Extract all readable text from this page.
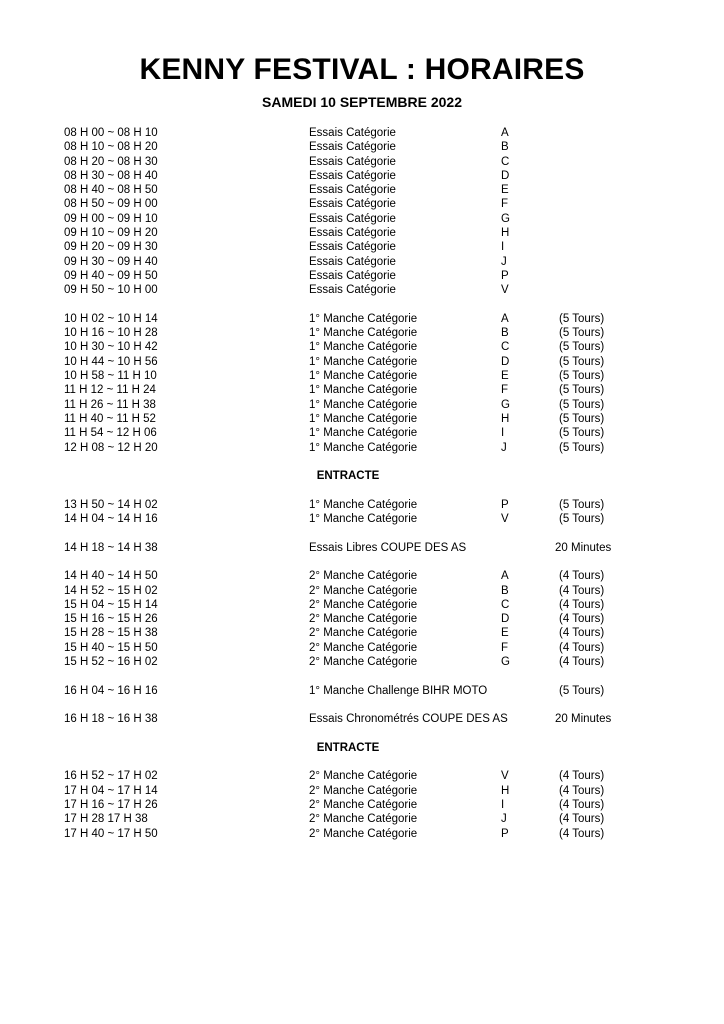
KENNY FESTIVAL : HORAIRES
SAMEDI 10 SEPTEMBRE 2022
08 H 00 ~ 08 H 10	Essais Catégorie	A
08 H 10 ~ 08 H 20	Essais Catégorie	B
08 H 20 ~ 08 H 30	Essais Catégorie	C
08 H 30 ~ 08 H 40	Essais Catégorie	D
08 H 40 ~ 08 H 50	Essais Catégorie	E
08 H 50 ~ 09 H 00	Essais Catégorie	F
09 H 00 ~ 09 H 10	Essais Catégorie	G
09 H 10 ~ 09 H 20	Essais Catégorie	H
09 H 20 ~ 09 H 30	Essais Catégorie	I
09 H 30 ~ 09 H 40	Essais Catégorie	J
09 H 40 ~ 09 H 50	Essais Catégorie	P
09 H 50 ~ 10 H 00	Essais Catégorie	V
10 H 02 ~ 10 H 14	1° Manche Catégorie	A	(5 Tours)
10 H 16 ~ 10 H 28	1° Manche Catégorie	B	(5 Tours)
10 H 30 ~ 10 H 42	1° Manche Catégorie	C	(5 Tours)
10 H 44 ~ 10 H 56	1° Manche Catégorie	D	(5 Tours)
10 H 58 ~ 11 H 10	1° Manche Catégorie	E	(5 Tours)
11 H 12 ~ 11 H 24	1° Manche Catégorie	F	(5 Tours)
11 H 26 ~ 11 H 38	1° Manche Catégorie	G	(5 Tours)
11 H 40 ~ 11 H 52	1° Manche Catégorie	H	(5 Tours)
11 H 54 ~ 12 H 06	1° Manche Catégorie	I	(5 Tours)
12 H 08 ~ 12 H 20	1° Manche Catégorie	J	(5 Tours)
ENTRACTE
13 H 50 ~ 14 H 02	1° Manche Catégorie	P	(5 Tours)
14 H 04 ~ 14 H 16	1° Manche Catégorie	V	(5 Tours)
14 H 18 ~ 14 H 38	Essais Libres COUPE DES AS	20 Minutes
14 H 40 ~ 14 H 50	2° Manche Catégorie	A	(4 Tours)
14 H 52 ~ 15 H 02	2° Manche Catégorie	B	(4 Tours)
15 H 04 ~ 15 H 14	2° Manche Catégorie	C	(4 Tours)
15 H 16 ~ 15 H 26	2° Manche Catégorie	D	(4 Tours)
15 H 28 ~ 15 H 38	2° Manche Catégorie	E	(4 Tours)
15 H 40 ~ 15 H 50	2° Manche Catégorie	F	(4 Tours)
15 H 52 ~ 16 H 02	2° Manche Catégorie	G	(4 Tours)
16 H 04 ~ 16 H 16	1° Manche Challenge BIHR MOTO	(5 Tours)
16 H 18 ~ 16 H 38	Essais Chronométrés COUPE DES AS	20 Minutes
ENTRACTE
16 H 52 ~ 17 H 02	2° Manche Catégorie	V	(4 Tours)
17 H 04 ~ 17 H 14	2° Manche Catégorie	H	(4 Tours)
17 H 16 ~ 17 H 26	2° Manche Catégorie	I	(4 Tours)
17 H 28 17 H 38	2° Manche Catégorie	J	(4 Tours)
17 H 40 ~ 17 H 50	2° Manche Catégorie	P	(4 Tours)
